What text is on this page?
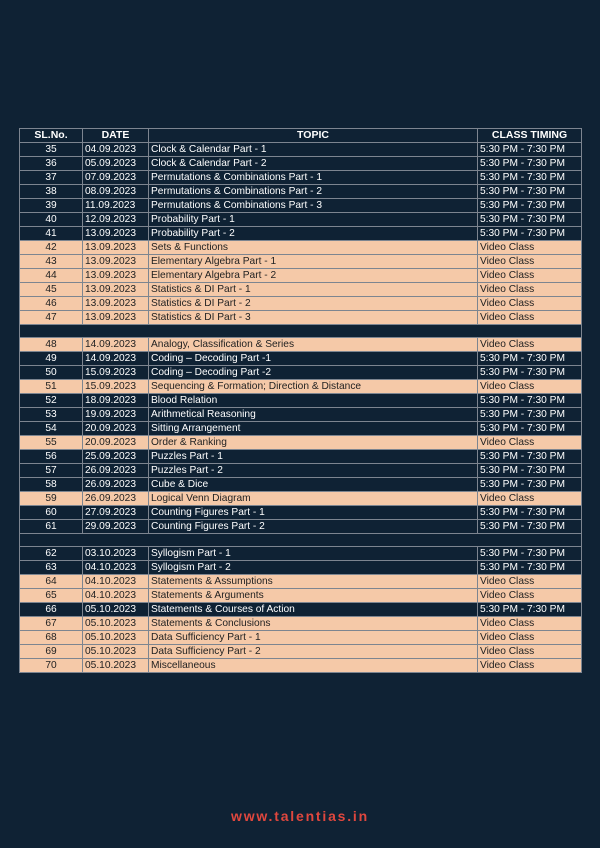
SL.No.	DATE	TOPIC	CLASS TIMING
35	04.09.2023	Clock & Calendar Part - 1	5:30 PM - 7:30 PM
36	05.09.2023	Clock & Calendar Part - 2	5:30 PM - 7:30 PM
37	07.09.2023	Permutations & Combinations Part - 1	5:30 PM - 7:30 PM
38	08.09.2023	Permutations & Combinations Part - 2	5:30 PM - 7:30 PM
39	11.09.2023	Permutations & Combinations Part - 3	5:30 PM - 7:30 PM
40	12.09.2023	Probability Part - 1	5:30 PM - 7:30 PM
41	13.09.2023	Probability Part - 2	5:30 PM - 7:30 PM
42	13.09.2023	Sets & Functions	Video Class
43	13.09.2023	Elementary Algebra Part - 1	Video Class
44	13.09.2023	Elementary Algebra Part - 2	Video Class
45	13.09.2023	Statistics & DI Part - 1	Video Class
46	13.09.2023	Statistics & DI Part - 2	Video Class
47	13.09.2023	Statistics & DI Part - 3	Video Class

48	14.09.2023	Analogy, Classification & Series	Video Class
49	14.09.2023	Coding – Decoding Part -1	5:30 PM - 7:30 PM
50	15.09.2023	Coding – Decoding Part -2	5:30 PM - 7:30 PM
51	15.09.2023	Sequencing & Formation; Direction & Distance	Video Class
52	18.09.2023	Blood Relation	5:30 PM - 7:30 PM
53	19.09.2023	Arithmetical Reasoning	5:30 PM - 7:30 PM
54	20.09.2023	Sitting Arrangement	5:30 PM - 7:30 PM
55	20.09.2023	Order & Ranking	Video Class
56	25.09.2023	Puzzles Part - 1	5:30 PM - 7:30 PM
57	26.09.2023	Puzzles Part - 2	5:30 PM - 7:30 PM
58	26.09.2023	Cube & Dice	5:30 PM - 7:30 PM
59	26.09.2023	Logical Venn Diagram	Video Class
60	27.09.2023	Counting Figures Part - 1	5:30 PM - 7:30 PM
61	29.09.2023	Counting Figures Part - 2	5:30 PM - 7:30 PM

62	03.10.2023	Syllogism Part - 1	5:30 PM - 7:30 PM
63	04.10.2023	Syllogism Part - 2	5:30 PM - 7:30 PM
64	04.10.2023	Statements & Assumptions	Video Class
65	04.10.2023	Statements & Arguments	Video Class
66	05.10.2023	Statements & Courses of Action	5:30 PM - 7:30 PM
67	05.10.2023	Statements & Conclusions	Video Class
68	05.10.2023	Data Sufficiency Part - 1	Video Class
69	05.10.2023	Data Sufficiency Part - 2	Video Class
70	05.10.2023	Miscellaneous	Video Class
www.talentias.in
